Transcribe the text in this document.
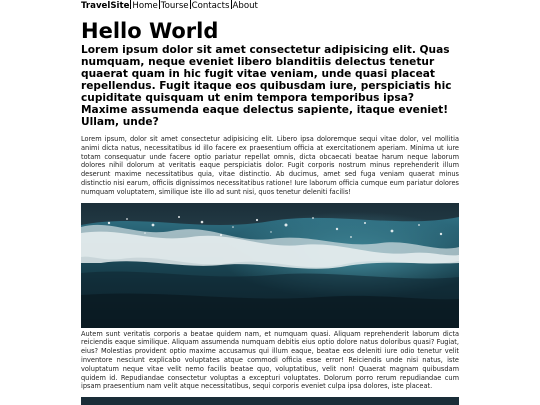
TravelSite Home Tourse Contacts About
Hello World

Lorem ipsum dolor sit amet consectetur adipisicing elit. Quas numquam, neque eveniet libero blanditiis delectus tenetur quaerat quam in hic fugit vitae veniam, unde quasi placeat repellendus. Fugit itaque eos quibusdam iure, perspiciatis hic cupiditate quisquam ut enim tempora temporibus ipsa? Maxime assumenda eaque delectus sapiente, itaque eveniet! Ullam, unde?

Lorem ipsum, dolor sit amet consectetur adipisicing elit. Libero ipsa doloremque sequi vitae dolor, vel mollitia animi dicta natus, necessitatibus id illo facere ex praesentium officia at exercitationem aperiam. Minima ut iure totam consequatur unde facere optio pariatur repellat omnis, dicta obcaecati beatae harum neque laborum dolores nihil dolorum at veritatis eaque perspiciatis dolor. Fugit corporis nostrum minus reprehenderit illum deserunt maxime necessitatibus quia, vitae distinctio. Ab ducimus, amet sed fuga veniam quaerat minus distinctio nisi earum, officiis dignissimos necessitatibus ratione! Iure laborum officia cumque eum pariatur dolores numquam voluptatem, similique iste illo ad sunt nisi, quos tenetur deleniti facilis!

Autem sunt veritatis corporis a beatae quidem nam, et numquam quasi. Aliquam reprehenderit laborum dicta reiciendis eaque similique. Aliquam assumenda numquam debitis eius optio dolore natus doloribus quasi? Fugiat, eius? Molestias provident optio maxime accusamus qui illum eaque, beatae eos deleniti iure odio tenetur velit inventore nesciunt explicabo voluptates atque commodi officia esse error! Reiciendis unde nisi natus, iste voluptatum neque vitae velit nemo facilis beatae quo, voluptatibus, velit non! Quaerat magnam quibusdam quidem id. Repudiandae consectetur voluptas a excepturi voluptates. Dolorum porro rerum repudiandae cum ipsam praesentium nam velit atque necessitatibus, sequi corporis eveniet culpa ipsa dolores, iste placeat.
